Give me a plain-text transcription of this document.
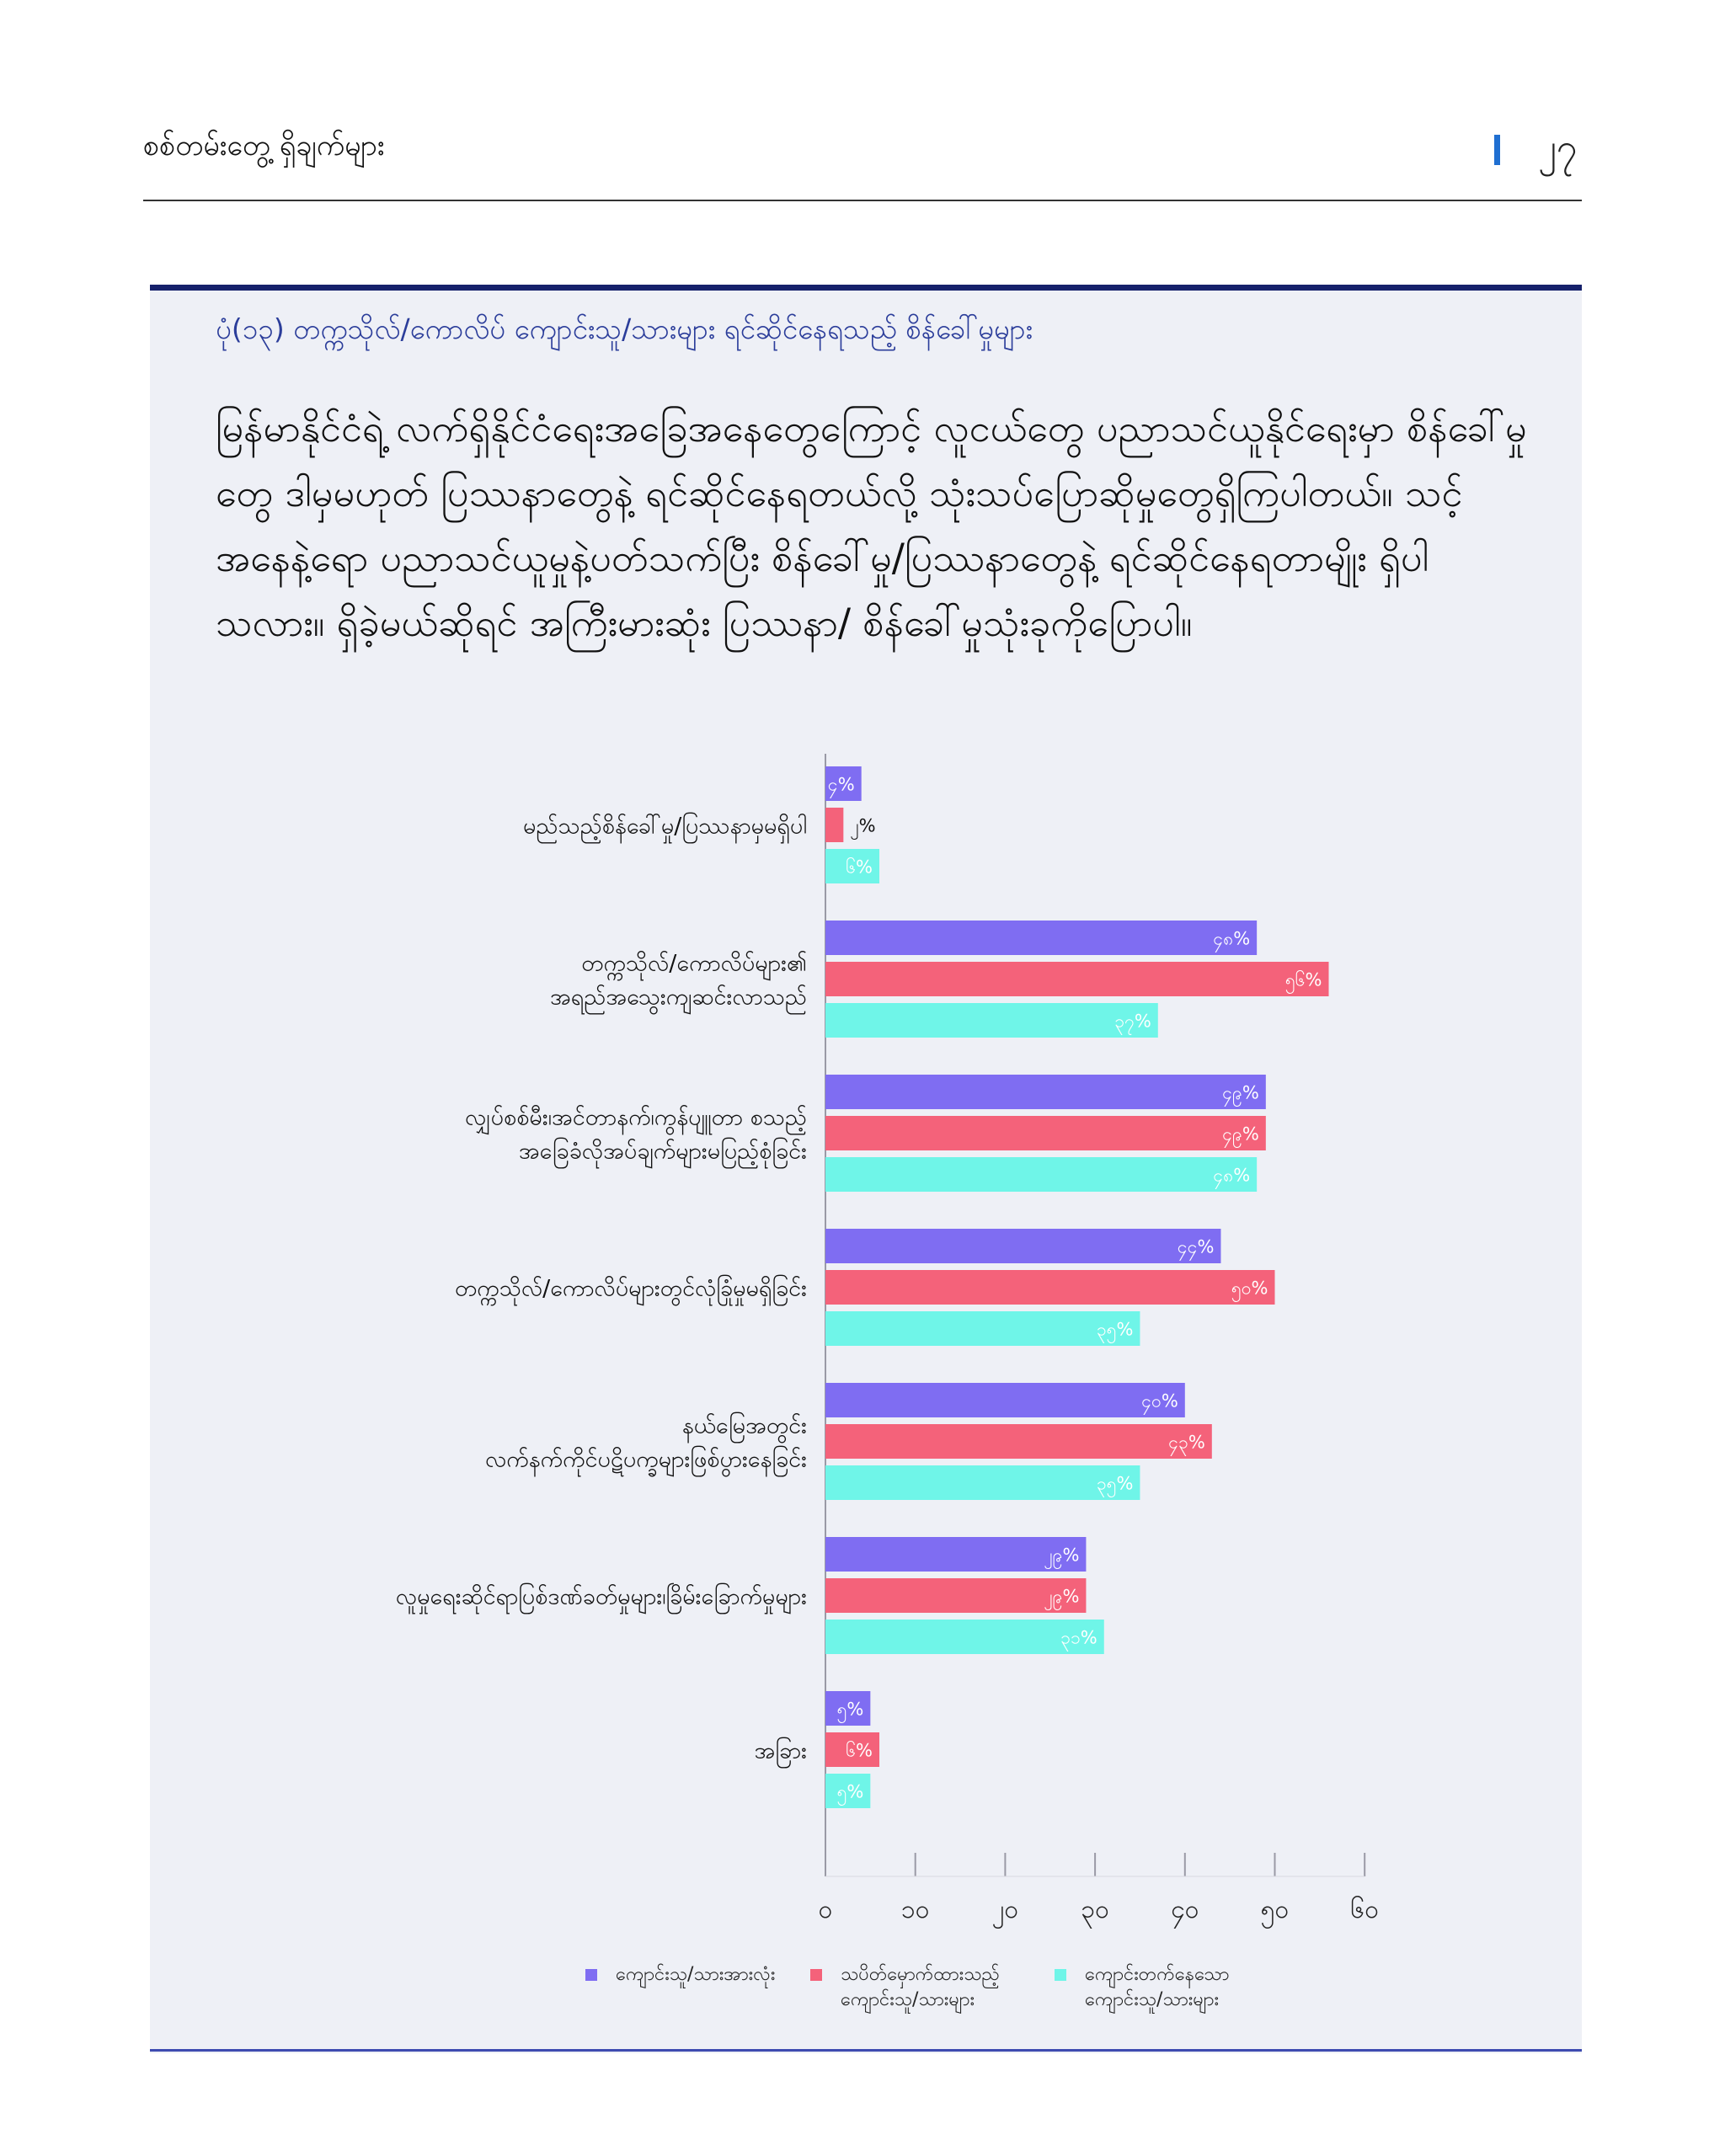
စစ်တမ်းတွေ့ ရှိချက်များ	၂၇
ပုံ(၁၃) တက္ကသိုလ်/ကောလိပ် ကျောင်းသူ/သားများ ရင်ဆိုင်နေရသည့် စိန်ခေါ်မှုများ
မြန်မာနိုင်ငံရဲ့ လက်ရှိနိုင်ငံရေးအခြေအနေတွေကြောင့် လူငယ်တွေ ပညာသင်ယူနိုင်ရေးမှာ စိန်ခေါ်မှုတွေ ဒါမှမဟုတ် ပြဿနာတွေနဲ့ ရင်ဆိုင်နေရတယ်လို့ သုံးသပ်ပြောဆိုမှုတွေရှိကြပါတယ်။ သင့်အနေနဲ့ရော ပညာသင်ယူမှုနဲ့ပတ်သက်ပြီး စိန်ခေါ်မှု/ပြဿနာတွေနဲ့ ရင်ဆိုင်နေရတာမျိုး ရှိပါသလား။ ရှိခဲ့မယ်ဆိုရင် အကြီးမားဆုံး ပြဿနာ/ စိန်ခေါ်မှုသုံးခုကိုပြောပါ။
၀	၁၀ ၂၀ ၃၀ ၄၀ ၅၀ ၆၀
မည်သည့်စိန်ခေါ်မှု/ပြဿနာမှမရှိပါ
၄%
၂%
၆%
တက္ကသိုလ်/ကောလိပ်များ၏
အရည်အသွေးကျဆင်းလာသည်
၄၈%
၅၆%
၃၇%
လျှပ်စစ်မီး၊အင်တာနက်၊ကွန်ပျူတာ စသည့်
အခြေခံလိုအပ်ချက်များမပြည့်စုံခြင်း
၄၉%
၄၉%
၄၈%
တက္ကသိုလ်/ကောလိပ်များတွင်လုံခြုံမှုမရှိခြင်း
၄၄%
၅၀%
၃၅%
နယ်မြေအတွင်း
လက်နက်ကိုင်ပဋိပက္ခများဖြစ်ပွားနေခြင်း
၄၀%
၄၃%
၃၅%
လူမှုရေးဆိုင်ရာပြစ်ဒဏ်ခတ်မှုများ၊ခြိမ်းခြောက်မှုများ
၂၉%
၂၉%
၃၁%
အခြား
၅%
၆%
၅%
ကျောင်းသူ/သားအားလုံး	သပိတ်မှောက်ထားသည့်
ကျောင်းသူ/သားများ
ကျောင်းတက်နေသော
ကျောင်းသူ/သားများ
